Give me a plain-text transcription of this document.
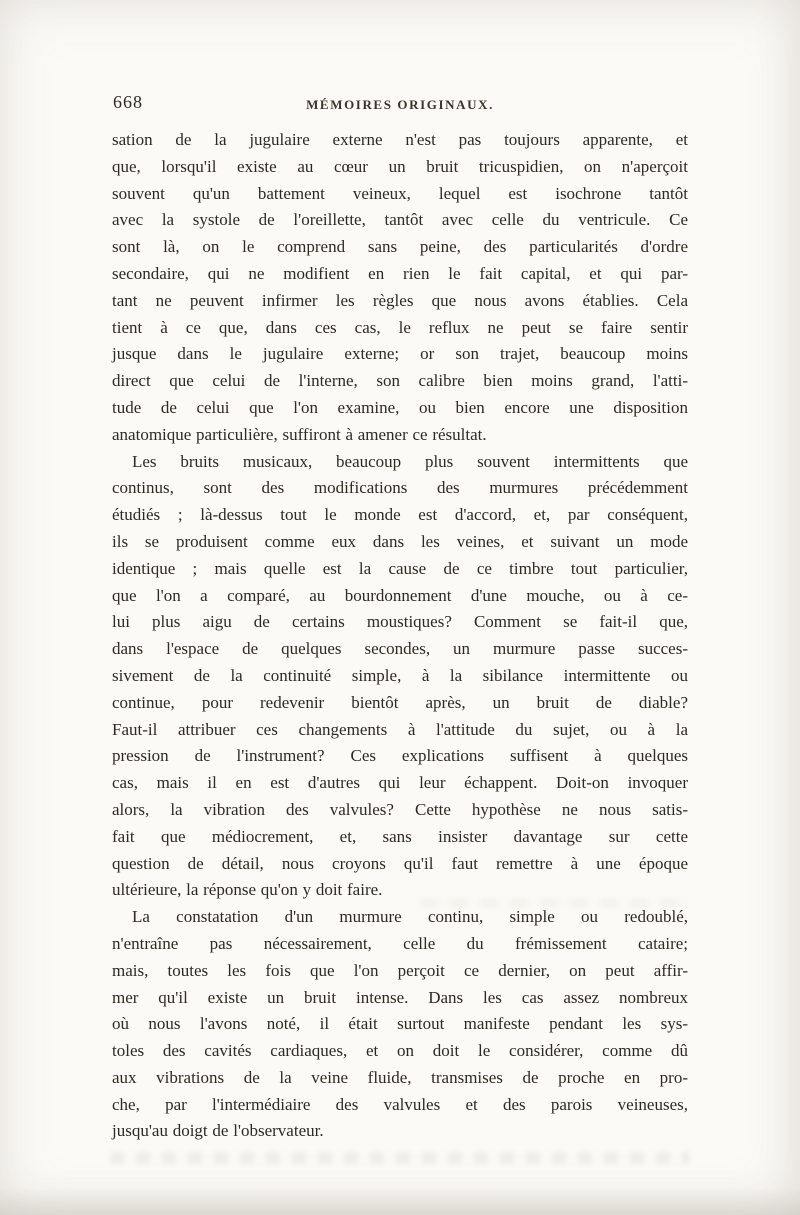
668	MÉMOIRES ORIGINAUX.
sation de la jugulaire externe n'est pas toujours apparente, et
que, lorsqu'il existe au cœur un bruit tricuspidien, on n'aperçoit
souvent qu'un battement veineux, lequel est isochrone tantôt
avec la systole de l'oreillette, tantôt avec celle du ventricule. Ce
sont là, on le comprend sans peine, des particularités d'ordre
secondaire, qui ne modifient en rien le fait capital, et qui par-
tant ne peuvent infirmer les règles que nous avons établies. Cela
tient à ce que, dans ces cas, le reflux ne peut se faire sentir
jusque dans le jugulaire externe; or son trajet, beaucoup moins
direct que celui de l'interne, son calibre bien moins grand, l'atti-
tude de celui que l'on examine, ou bien encore une disposition
anatomique particulière, suffiront à amener ce résultat.
Les bruits musicaux, beaucoup plus souvent intermittents que
continus, sont des modifications des murmures précédemment
étudiés ; là-dessus tout le monde est d'accord, et, par conséquent,
ils se produisent comme eux dans les veines, et suivant un mode
identique ; mais quelle est la cause de ce timbre tout particulier,
que l'on a comparé, au bourdonnement d'une mouche, ou à ce-
lui plus aigu de certains moustiques? Comment se fait-il que,
dans l'espace de quelques secondes, un murmure passe succes-
sivement de la continuité simple, à la sibilance intermittente ou
continue, pour redevenir bientôt après, un bruit de diable?
Faut-il attribuer ces changements à l'attitude du sujet, ou à la
pression de l'instrument? Ces explications suffisent à quelques
cas, mais il en est d'autres qui leur échappent. Doit-on invoquer
alors, la vibration des valvules? Cette hypothèse ne nous satis-
fait que médiocrement, et, sans insister davantage sur cette
question de détail, nous croyons qu'il faut remettre à une époque
ultérieure, la réponse qu'on y doit faire.
La constatation d'un murmure continu, simple ou redoublé,
n'entraîne pas nécessairement, celle du frémissement cataire;
mais, toutes les fois que l'on perçoit ce dernier, on peut affir-
mer qu'il existe un bruit intense. Dans les cas assez nombreux
où nous l'avons noté, il était surtout manifeste pendant les sys-
toles des cavités cardiaques, et on doit le considérer, comme dû
aux vibrations de la veine fluide, transmises de proche en pro-
che, par l'intermédiaire des valvules et des parois veineuses,
jusqu'au doigt de l'observateur.
